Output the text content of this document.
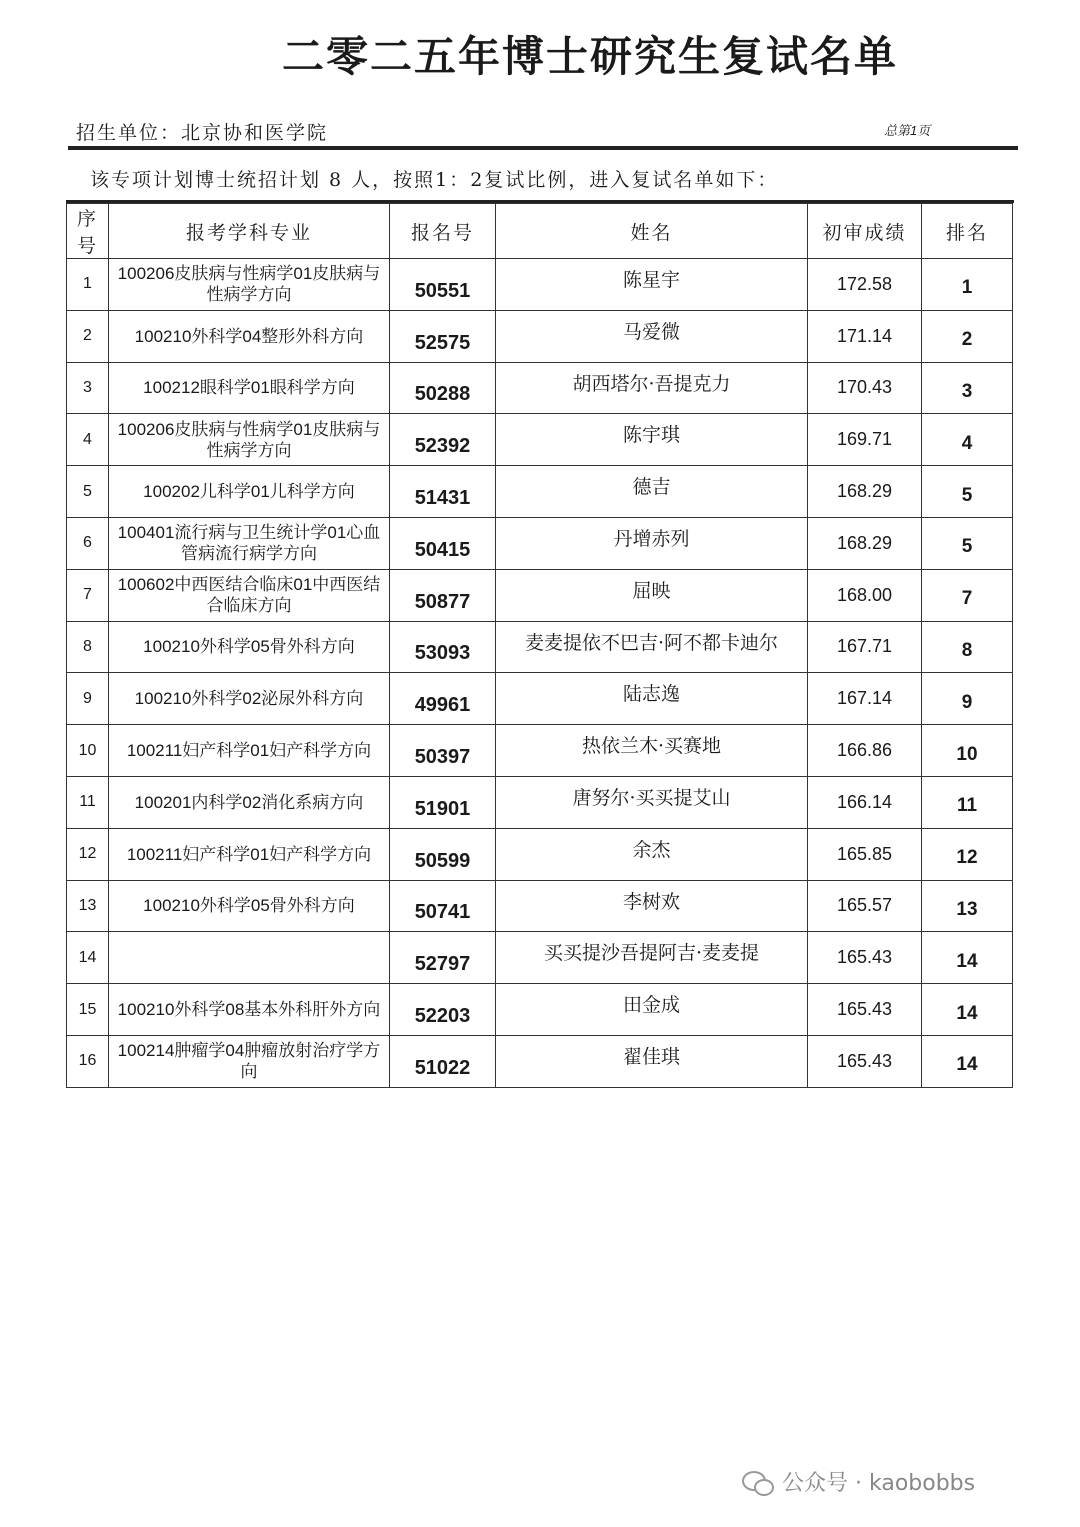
二零二五年博士研究生复试名单
招生单位：北京协和医学院	总第1页
该专项计划博士统招计划 8 人，按照1：2复试比例，进入复试名单如下：
序号	报考学科专业	报名号	姓名	初审成绩	排名
1	100206皮肤病与性病学01皮肤病与性病学方向	50551	陈星宇	172.58	1
2	100210外科学04整形外科方向	52575	马爱微	171.14	2
3	100212眼科学01眼科学方向	50288	胡西塔尔·吾提克力	170.43	3
4	100206皮肤病与性病学01皮肤病与性病学方向	52392	陈宇琪	169.71	4
5	100202儿科学01儿科学方向	51431	德吉	168.29	5
6	100401流行病与卫生统计学01心血管病流行病学方向	50415	丹增赤列	168.29	5
7	100602中西医结合临床01中西医结合临床方向	50877	屈映	168.00	7
8	100210外科学05骨外科方向	53093	麦麦提依不巴吉·阿不都卡迪尔	167.71	8
9	100210外科学02泌尿外科方向	49961	陆志逸	167.14	9
10	100211妇产科学01妇产科学方向	50397	热依兰木·买赛地	166.86	10
11	100201内科学02消化系病方向	51901	唐努尔·买买提艾山	166.14	11
12	100211妇产科学01妇产科学方向	50599	余杰	165.85	12
13	100210外科学05骨外科方向	50741	李树欢	165.57	13
14		52797	买买提沙吾提阿吉·麦麦提	165.43	14
15	100210外科学08基本外科肝外方向	52203	田金成	165.43	14
16	100214肿瘤学04肿瘤放射治疗学方向	51022	翟佳琪	165.43	14
公众号 · kaobobbs
